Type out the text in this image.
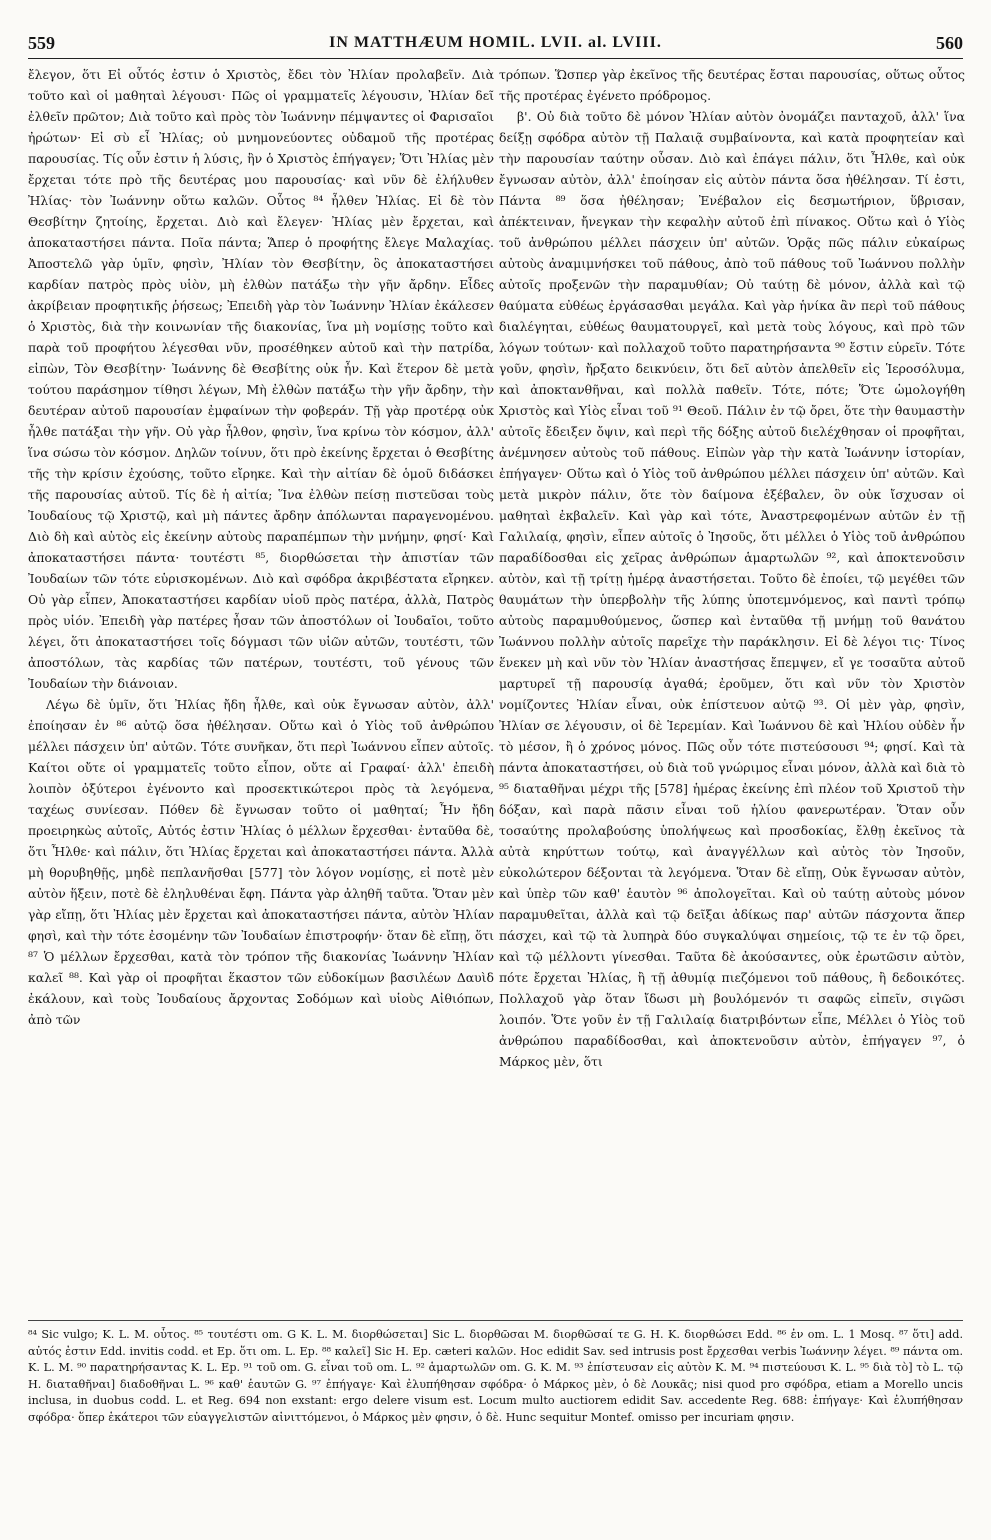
559	IN MATTHÆUM HOMIL. LVII. al. LVIII.	560

ἔλεγον, ὅτι Εἰ οὗτός ἐστιν ὁ Χριστὸς, ἔδει τὸν Ἠλίαν προλαβεῖν. Διὰ τοῦτο καὶ οἱ μαθηταὶ λέγουσι· Πῶς οἱ γραμματεῖς λέγουσιν, Ἠλίαν δεῖ ἐλθεῖν πρῶτον; Διὰ τοῦτο καὶ πρὸς τὸν Ἰωάννην πέμψαντες οἱ Φαρισαῖοι ἠρώτων· Εἰ σὺ εἶ Ἠλίας; οὐ μνημονεύοντες οὐδαμοῦ τῆς προτέρας παρουσίας. Τίς οὖν ἐστιν ἡ λύσις, ἣν ὁ Χριστὸς ἐπήγαγεν; Ὅτι Ἠλίας μὲν ἔρχεται τότε πρὸ τῆς δευτέρας μου παρουσίας· καὶ νῦν δὲ ἐλήλυθεν Ἠλίας· τὸν Ἰωάννην οὕτω καλῶν. Οὗτος ⁸⁴ ἦλθεν Ἠλίας. Εἰ δὲ τὸν Θεσβίτην ζητοίης, ἔρχεται. Διὸ καὶ ἔλεγεν· Ἠλίας μὲν ἔρχεται, καὶ ἀποκαταστήσει πάντα. Ποῖα πάντα; Ἅπερ ὁ προφήτης ἔλεγε Μαλαχίας. Ἀποστελῶ γὰρ ὑμῖν, φησὶν, Ἠλίαν τὸν Θεσβίτην, ὃς ἀποκαταστήσει καρδίαν πατρὸς πρὸς υἱὸν, μὴ ἐλθὼν πατάξω τὴν γῆν ἄρδην. Εἶδες ἀκρίβειαν προφητικῆς ῥήσεως; Ἐπειδὴ γὰρ τὸν Ἰωάννην Ἠλίαν ἐκάλεσεν ὁ Χριστὸς, διὰ τὴν κοινωνίαν τῆς διακονίας, ἵνα μὴ νομίσῃς τοῦτο καὶ παρὰ τοῦ προφήτου λέγεσθαι νῦν, προσέθηκεν αὐτοῦ καὶ τὴν πατρίδα, εἰπὼν, Τὸν Θεσβίτην· Ἰωάννης δὲ Θεσβίτης οὐκ ἦν. Καὶ ἕτερον δὲ μετὰ τούτου παράσημον τίθησι λέγων, Μὴ ἐλθὼν πατάξω τὴν γῆν ἄρδην, τὴν δευτέραν αὐτοῦ παρουσίαν ἐμφαίνων τὴν φοβεράν. Τῇ γὰρ προτέρᾳ οὐκ ἦλθε πατάξαι τὴν γῆν. Οὐ γὰρ ἦλθον, φησὶν, ἵνα κρίνω τὸν κόσμον, ἀλλ' ἵνα σώσω τὸν κόσμον. Δηλῶν τοίνυν, ὅτι πρὸ ἐκείνης ἔρχεται ὁ Θεσβίτης τῆς τὴν κρίσιν ἐχούσης, τοῦτο εἴρηκε. Καὶ τὴν αἰτίαν δὲ ὁμοῦ διδάσκει τῆς παρουσίας αὐτοῦ. Τίς δὲ ἡ αἰτία; Ἵνα ἐλθὼν πείσῃ πιστεῦσαι τοὺς Ἰουδαίους τῷ Χριστῷ, καὶ μὴ πάντες ἄρδην ἀπόλωνται παραγενομένου. Διὸ δὴ καὶ αὐτὸς εἰς ἐκείνην αὐτοὺς παραπέμπων τὴν μνήμην, φησί· Καὶ ἀποκαταστήσει πάντα· τουτέστι ⁸⁵, διορθώσεται τὴν ἀπιστίαν τῶν Ἰουδαίων τῶν τότε εὑρισκομένων. Διὸ καὶ σφόδρα ἀκριβέστατα εἴρηκεν. Οὐ γὰρ εἶπεν, Ἀποκαταστήσει καρδίαν υἱοῦ πρὸς πατέρα, ἀλλὰ, Πατρὸς πρὸς υἱόν. Ἐπειδὴ γὰρ πατέρες ἦσαν τῶν ἀποστόλων οἱ Ἰουδαῖοι, τοῦτο λέγει, ὅτι ἀποκαταστήσει τοῖς δόγμασι τῶν υἱῶν αὐτῶν, τουτέστι, τῶν ἀποστόλων, τὰς καρδίας τῶν πατέρων, τουτέστι, τοῦ γένους τῶν Ἰουδαίων τὴν διάνοιαν.

Λέγω δὲ ὑμῖν, ὅτι Ἠλίας ἤδη ἦλθε, καὶ οὐκ ἔγνωσαν αὐτὸν, ἀλλ' ἐποίησαν ἐν ⁸⁶ αὐτῷ ὅσα ἠθέλησαν. Οὕτω καὶ ὁ Υἱὸς τοῦ ἀνθρώπου μέλλει πάσχειν ὑπ' αὐτῶν. Τότε συνῆκαν, ὅτι περὶ Ἰωάννου εἶπεν αὐτοῖς. Καίτοι οὔτε οἱ γραμματεῖς τοῦτο εἶπον, οὔτε αἱ Γραφαί· ἀλλ' ἐπειδὴ λοιπὸν ὀξύτεροι ἐγένοντο καὶ προσεκτικώτεροι πρὸς τὰ λεγόμενα, ταχέως συνίεσαν. Πόθεν δὲ ἔγνωσαν τοῦτο οἱ μαθηταί; Ἦν ἤδη προειρηκὼς αὐτοῖς, Αὐτός ἐστιν Ἠλίας ὁ μέλλων ἔρχεσθαι· ἐνταῦθα δὲ, ὅτι Ἦλθε· καὶ πάλιν, ὅτι Ἠλίας ἔρχεται καὶ ἀποκαταστήσει πάντα. Ἀλλὰ μὴ θορυβηθῇς, μηδὲ πεπλανῆσθαι [577] τὸν λόγον νομίσῃς, εἰ ποτὲ μὲν αὐτὸν ἥξειν, ποτὲ δὲ ἐληλυθέναι ἔφη. Πάντα γὰρ ἀληθῆ ταῦτα. Ὅταν μὲν γὰρ εἴπῃ, ὅτι Ἠλίας μὲν ἔρχεται καὶ ἀποκαταστήσει πάντα, αὐτὸν Ἠλίαν φησὶ, καὶ τὴν τότε ἐσομένην τῶν Ἰουδαίων ἐπιστροφήν· ὅταν δὲ εἴπῃ, ὅτι ⁸⁷ Ὁ μέλλων ἔρχεσθαι, κατὰ τὸν τρόπον τῆς διακονίας Ἰωάννην Ἠλίαν καλεῖ ⁸⁸. Καὶ γὰρ οἱ προφῆται ἕκαστον τῶν εὐδοκίμων βασιλέων Δαυὶδ ἐκάλουν, καὶ τοὺς Ἰουδαίους ἄρχοντας Σοδόμων καὶ υἱοὺς Αἰθιόπων, ἀπὸ τῶν

τρόπων. Ὥσπερ γὰρ ἐκεῖνος τῆς δευτέρας ἔσται παρουσίας, οὕτως οὗτος τῆς προτέρας ἐγένετο πρόδρομος.

β'. Οὐ διὰ τοῦτο δὲ μόνον Ἠλίαν αὐτὸν ὀνομάζει πανταχοῦ, ἀλλ' ἵνα δείξῃ σφόδρα αὐτὸν τῇ Παλαιᾷ συμβαίνοντα, καὶ κατὰ προφητείαν καὶ τὴν παρουσίαν ταύτην οὖσαν. Διὸ καὶ ἐπάγει πάλιν, ὅτι Ἦλθε, καὶ οὐκ ἔγνωσαν αὐτὸν, ἀλλ' ἐποίησαν εἰς αὐτὸν πάντα ὅσα ἠθέλησαν. Τί ἐστι, Πάντα ⁸⁹ ὅσα ἠθέλησαν; Ἐνέβαλον εἰς δεσμωτήριον, ὕβρισαν, ἀπέκτειναν, ἤνεγκαν τὴν κεφαλὴν αὐτοῦ ἐπὶ πίνακος. Οὕτω καὶ ὁ Υἱὸς τοῦ ἀνθρώπου μέλλει πάσχειν ὑπ' αὐτῶν. Ὁρᾷς πῶς πάλιν εὐκαίρως αὐτοὺς ἀναμιμνήσκει τοῦ πάθους, ἀπὸ τοῦ πάθους τοῦ Ἰωάννου πολλὴν αὐτοῖς προξενῶν τὴν παραμυθίαν; Οὐ ταύτῃ δὲ μόνον, ἀλλὰ καὶ τῷ θαύματα εὐθέως ἐργάσασθαι μεγάλα. Καὶ γὰρ ἡνίκα ἂν περὶ τοῦ πάθους διαλέγηται, εὐθέως θαυματουργεῖ, καὶ μετὰ τοὺς λόγους, καὶ πρὸ τῶν λόγων τούτων· καὶ πολλαχοῦ τοῦτο παρατηρήσαντα ⁹⁰ ἔστιν εὑρεῖν. Τότε γοῦν, φησὶν, ἤρξατο δεικνύειν, ὅτι δεῖ αὐτὸν ἀπελθεῖν εἰς Ἱεροσόλυμα, καὶ ἀποκτανθῆναι, καὶ πολλὰ παθεῖν. Τότε, πότε; Ὅτε ὡμολογήθη Χριστὸς καὶ Υἱὸς εἶναι τοῦ ⁹¹ Θεοῦ. Πάλιν ἐν τῷ ὄρει, ὅτε τὴν θαυμαστὴν αὐτοῖς ἔδειξεν ὄψιν, καὶ περὶ τῆς δόξης αὐτοῦ διελέχθησαν οἱ προφῆται, ἀνέμνησεν αὐτοὺς τοῦ πάθους. Εἰπὼν γὰρ τὴν κατὰ Ἰωάννην ἱστορίαν, ἐπήγαγεν· Οὕτω καὶ ὁ Υἱὸς τοῦ ἀνθρώπου μέλλει πάσχειν ὑπ' αὐτῶν. Καὶ μετὰ μικρὸν πάλιν, ὅτε τὸν δαίμονα ἐξέβαλεν, ὃν οὐκ ἴσχυσαν οἱ μαθηταὶ ἐκβαλεῖν. Καὶ γὰρ καὶ τότε, Ἀναστρεφομένων αὐτῶν ἐν τῇ Γαλιλαίᾳ, φησὶν, εἶπεν αὐτοῖς ὁ Ἰησοῦς, ὅτι μέλλει ὁ Υἱὸς τοῦ ἀνθρώπου παραδίδοσθαι εἰς χεῖρας ἀνθρώπων ἁμαρτωλῶν ⁹², καὶ ἀποκτενοῦσιν αὐτὸν, καὶ τῇ τρίτῃ ἡμέρᾳ ἀναστήσεται. Τοῦτο δὲ ἐποίει, τῷ μεγέθει τῶν θαυμάτων τὴν ὑπερβολὴν τῆς λύπης ὑποτεμνόμενος, καὶ παντὶ τρόπῳ αὐτοὺς παραμυθούμενος, ὥσπερ καὶ ἐνταῦθα τῇ μνήμῃ τοῦ θανάτου Ἰωάννου πολλὴν αὐτοῖς παρεῖχε τὴν παράκλησιν. Εἰ δὲ λέγοι τις· Τίνος ἕνεκεν μὴ καὶ νῦν τὸν Ἠλίαν ἀναστήσας ἔπεμψεν, εἴ γε τοσαῦτα αὐτοῦ μαρτυρεῖ τῇ παρουσίᾳ ἀγαθά; ἐροῦμεν, ὅτι καὶ νῦν τὸν Χριστὸν νομίζοντες Ἠλίαν εἶναι, οὐκ ἐπίστευον αὐτῷ ⁹³. Οἱ μὲν γὰρ, φησὶν, Ἠλίαν σε λέγουσιν, οἱ δὲ Ἱερεμίαν. Καὶ Ἰωάννου δὲ καὶ Ἠλίου οὐδὲν ἦν τὸ μέσον, ἢ ὁ χρόνος μόνος. Πῶς οὖν τότε πιστεύσουσι ⁹⁴; φησί. Καὶ τὰ πάντα ἀποκαταστήσει, οὐ διὰ τοῦ γνώριμος εἶναι μόνον, ἀλλὰ καὶ διὰ τὸ ⁹⁵ διαταθῆναι μέχρι τῆς [578] ἡμέρας ἐκείνης ἐπὶ πλέον τοῦ Χριστοῦ τὴν δόξαν, καὶ παρὰ πᾶσιν εἶναι τοῦ ἡλίου φανερωτέραν. Ὅταν οὖν τοσαύτης προλαβούσης ὑπολήψεως καὶ προσδοκίας, ἔλθῃ ἐκεῖνος τὰ αὐτὰ κηρύττων τούτῳ, καὶ ἀναγγέλλων καὶ αὐτὸς τὸν Ἰησοῦν, εὐκολώτερον δέξονται τὰ λεγόμενα. Ὅταν δὲ εἴπῃ, Οὐκ ἔγνωσαν αὐτὸν, καὶ ὑπὲρ τῶν καθ' ἑαυτὸν ⁹⁶ ἀπολογεῖται. Καὶ οὐ ταύτῃ αὐτοὺς μόνον παραμυθεῖται, ἀλλὰ καὶ τῷ δεῖξαι ἀδίκως παρ' αὐτῶν πάσχοντα ἅπερ πάσχει, καὶ τῷ τὰ λυπηρὰ δύο συγκαλύψαι σημείοις, τῷ τε ἐν τῷ ὄρει, καὶ τῷ μέλλοντι γίνεσθαι. Ταῦτα δὲ ἀκούσαντες, οὐκ ἐρωτῶσιν αὐτὸν, πότε ἔρχεται Ἠλίας, ἢ τῇ ἀθυμίᾳ πιεζόμενοι τοῦ πάθους, ἢ δεδοικότες. Πολλαχοῦ γὰρ ὅταν ἴδωσι μὴ βουλόμενόν τι σαφῶς εἰπεῖν, σιγῶσι λοιπόν. Ὅτε γοῦν ἐν τῇ Γαλιλαίᾳ διατριβόντων εἶπε, Μέλλει ὁ Υἱὸς τοῦ ἀνθρώπου παραδίδοσθαι, καὶ ἀποκτενοῦσιν αὐτὸν, ἐπήγαγεν ⁹⁷, ὁ Μάρκος μὲν, ὅτι

⁸⁴ Sic vulgo; K. L. M. οὗτος. ⁸⁵ τουτέστι om. G K. L. M. διορθώσεται] Sic L. διορθῶσαι M. διορθῶσαί τε G. H. K. διορθώσει Edd. ⁸⁶ ἐν om. L. 1 Mosq. ⁸⁷ ὅτι] add. αὐτός ἐστιν Edd. invitis codd. et Ep. ὅτι om. L. Ep. ⁸⁸ καλεῖ] Sic H. Ep. cæteri καλῶν. Hoc edidit Sav. sed intrusis post ἔρχεσθαι verbis Ἰωάννην λέγει. ⁸⁹ πάντα om. K. L. M. ⁹⁰ παρατηρήσαντας K. L. Ep. ⁹¹ τοῦ om. G. εἶναι τοῦ om. L. ⁹² ἁμαρτωλῶν om. G. K. M. ⁹³ ἐπίστευσαν εἰς αὐτὸν K. M. ⁹⁴ πιστεύουσι K. L. ⁹⁵ διὰ τὸ] τὸ L. τῷ H. διαταθῆναι] διαδοθῆναι L. ⁹⁶ καθ' ἑαυτῶν G. ⁹⁷ ἐπήγαγε· Καὶ ἐλυπήθησαν σφόδρα· ὁ Μάρκος μὲν, ὁ δὲ Λουκᾶς; nisi quod pro σφόδρα, etiam a Morello uncis inclusa, in duobus codd. L. et Reg. 694 non exstant: ergo delere visum est. Locum multo auctiorem edidit Sav. accedente Reg. 688: ἐπήγαγε· Καὶ ἐλυπήθησαν σφόδρα· ὅπερ ἑκάτεροι τῶν εὐαγγελιστῶν αἰνιττόμενοι, ὁ Μάρκος μὲν φησιν, ὁ δὲ. Hunc sequitur Montef. omisso per incuriam φησιν.
